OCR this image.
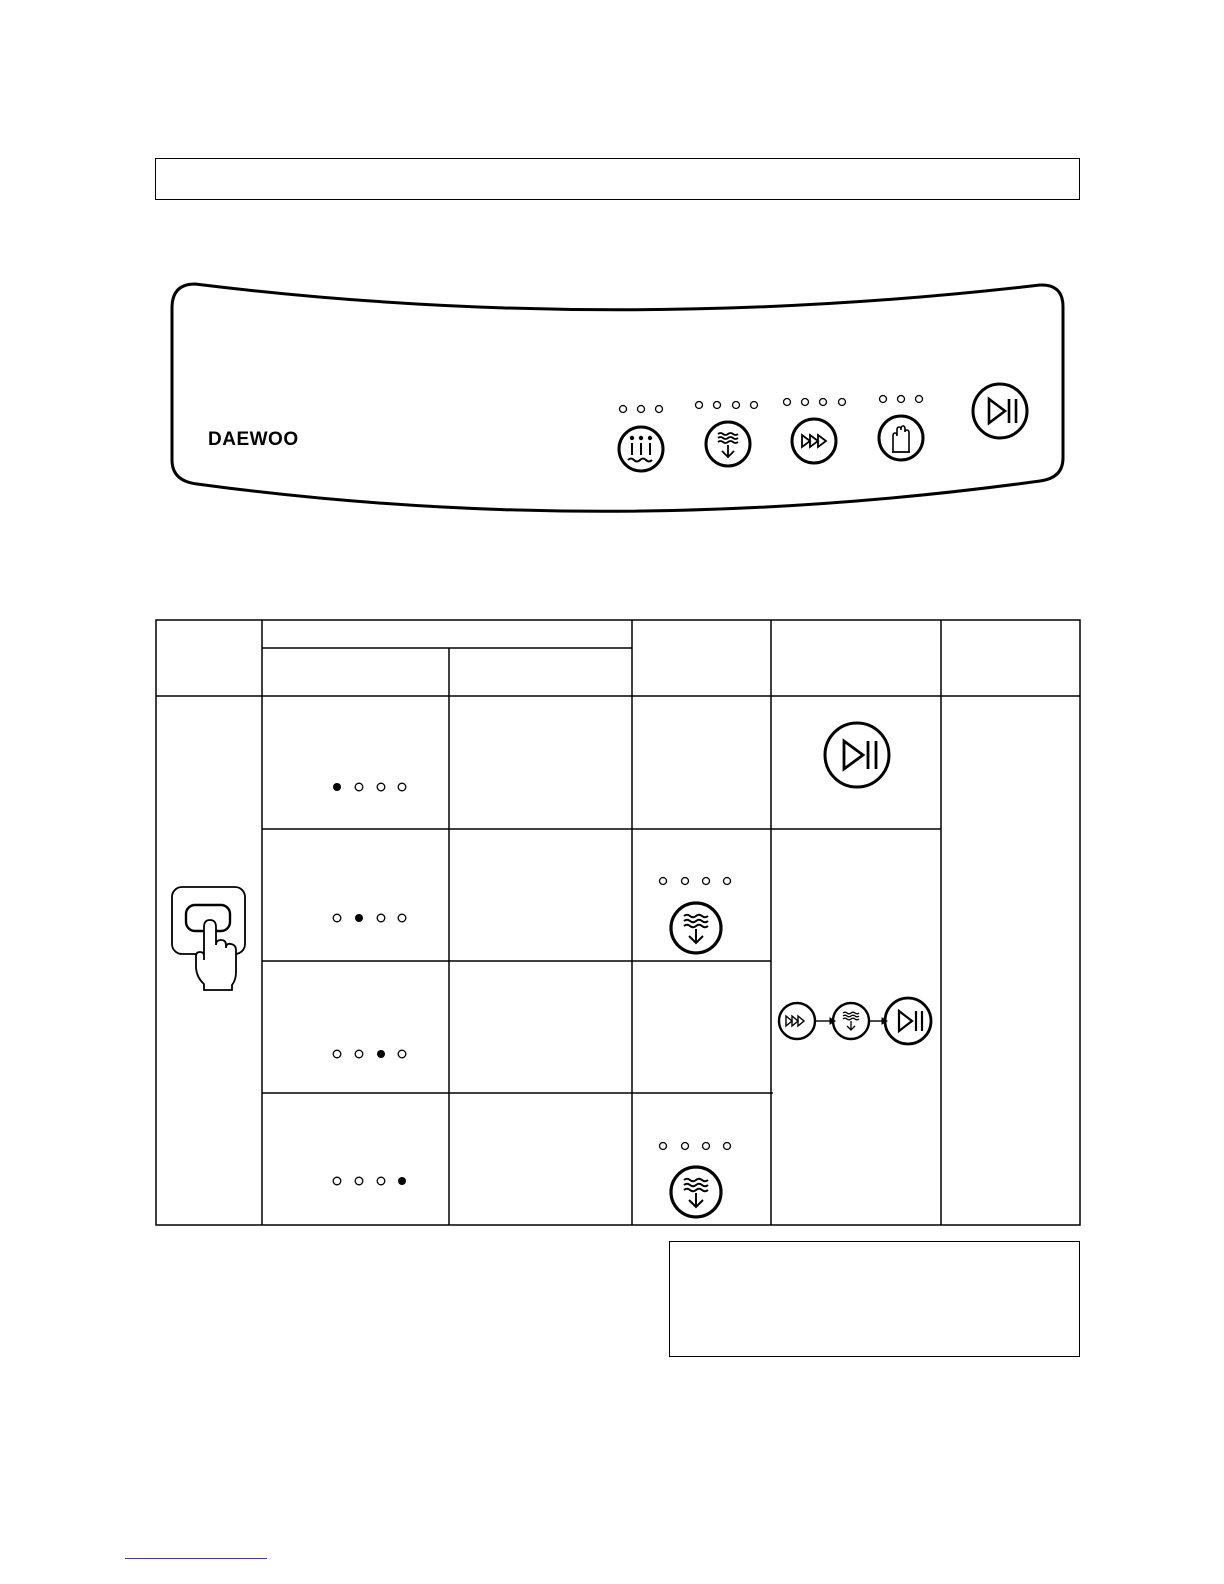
DAEWOO
